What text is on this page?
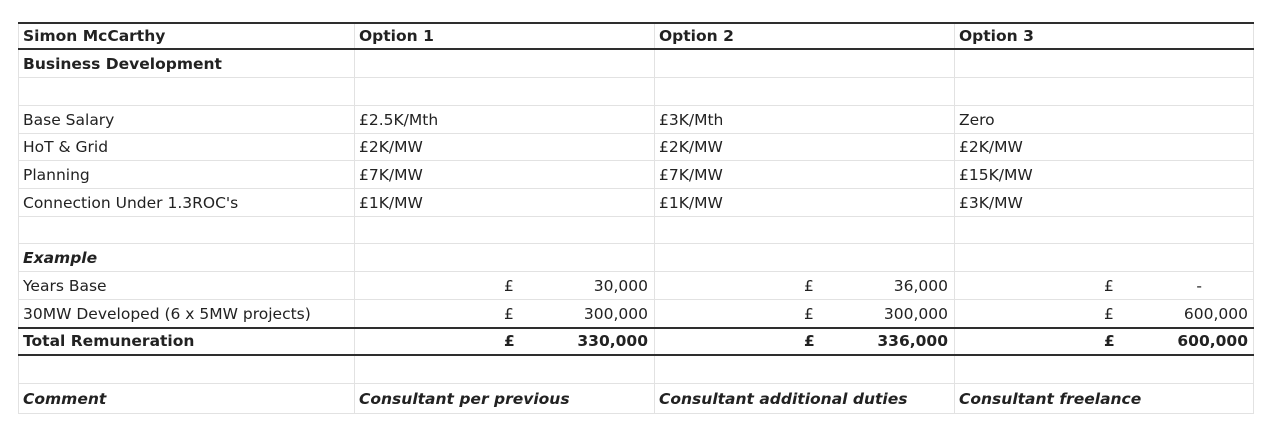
Simon McCarthy	Option 1	Option 2	Option 3
Business Development
Base Salary	£2.5K/Mth	£3K/Mth	Zero
HoT & Grid	£2K/MW	£2K/MW	£2K/MW
Planning	£7K/MW	£7K/MW	£15K/MW
Connection Under 1.3ROC's	£1K/MW	£1K/MW	£3K/MW
Example
Years Base	£	30,000	£	36,000	£	-
30MW Developed (6 x 5MW projects)	£	300,000	£	300,000	£	600,000
Total Remuneration	£	330,000	£	336,000	£	600,000
Comment	Consultant per previous	Consultant additional duties	Consultant freelance
